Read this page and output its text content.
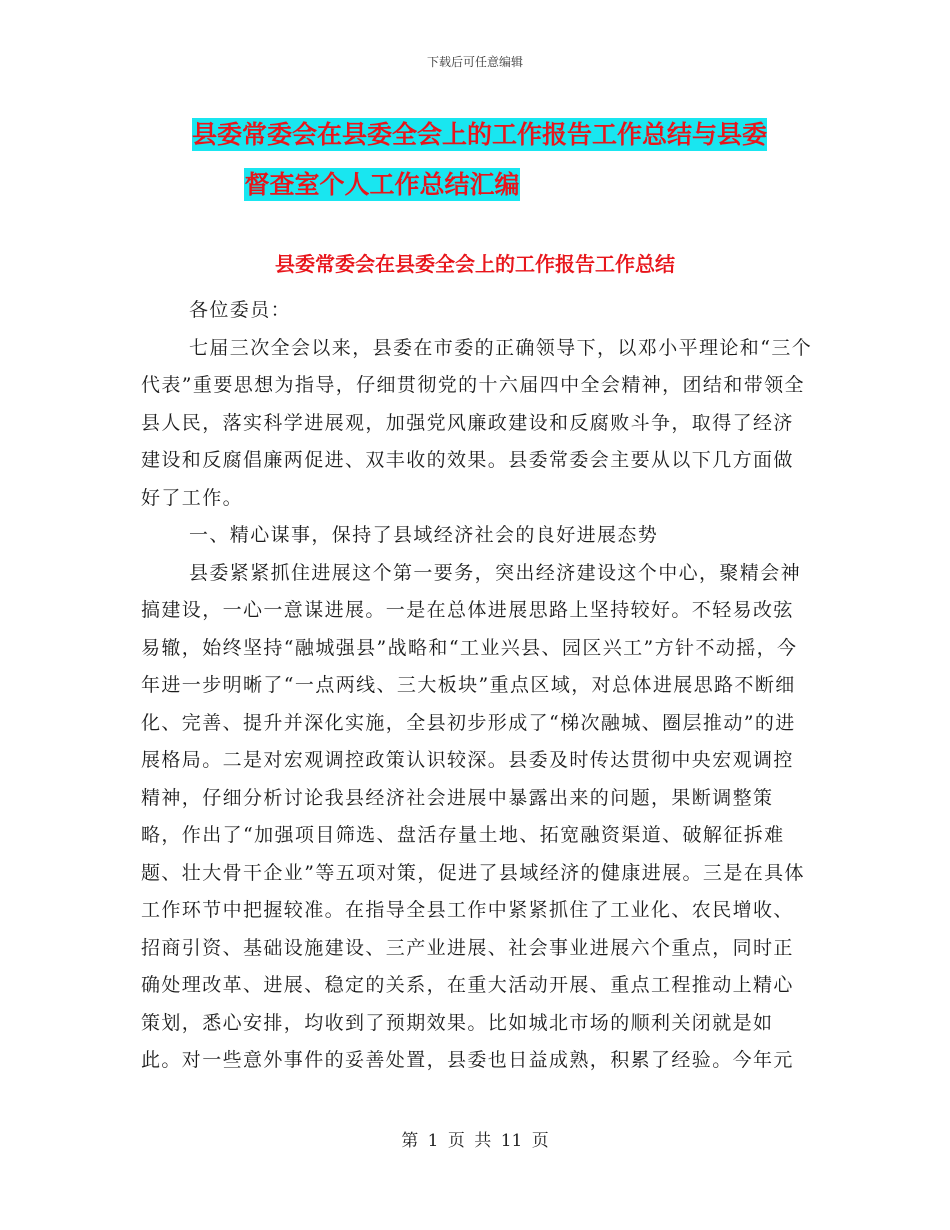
下载后可任意编辑
县委常委会在县委全会上的工作报告工作总结与县委
督查室个人工作总结汇编
县委常委会在县委全会上的工作报告工作总结

各位委员：

七届三次全会以来，县委在市委的正确领导下，以邓小平理论和“三个代表”重要思想为指导，仔细贯彻党的十六届四中全会精神，团结和带领全县人民，落实科学进展观，加强党风廉政建设和反腐败斗争，取得了经济建设和反腐倡廉两促进、双丰收的效果。县委常委会主要从以下几方面做好了工作。

一、精心谋事，保持了县域经济社会的良好进展态势

县委紧紧抓住进展这个第一要务，突出经济建设这个中心，聚精会神搞建设，一心一意谋进展。一是在总体进展思路上坚持较好。不轻易改弦易辙，始终坚持“融城强县”战略和“工业兴县、园区兴工”方针不动摇，今年进一步明晰了“一点两线、三大板块”重点区域，对总体进展思路不断细化、完善、提升并深化实施，全县初步形成了“梯次融城、圈层推动”的进展格局。二是对宏观调控政策认识较深。县委及时传达贯彻中央宏观调控精神，仔细分析讨论我县经济社会进展中暴露出来的问题，果断调整策略，作出了“加强项目筛选、盘活存量土地、拓宽融资渠道、破解征拆难题、壮大骨干企业”等五项对策，促进了县域经济的健康进展。三是在具体工作环节中把握较准。在指导全县工作中紧紧抓住了工业化、农民增收、招商引资、基础设施建设、三产业进展、社会事业进展六个重点，同时正确处理改革、进展、稳定的关系，在重大活动开展、重点工程推动上精心策划，悉心安排，均收到了预期效果。比如城北市场的顺利关闭就是如此。对一些意外事件的妥善处置，县委也日益成熟，积累了经验。今年元

第 1 页 共 11 页
